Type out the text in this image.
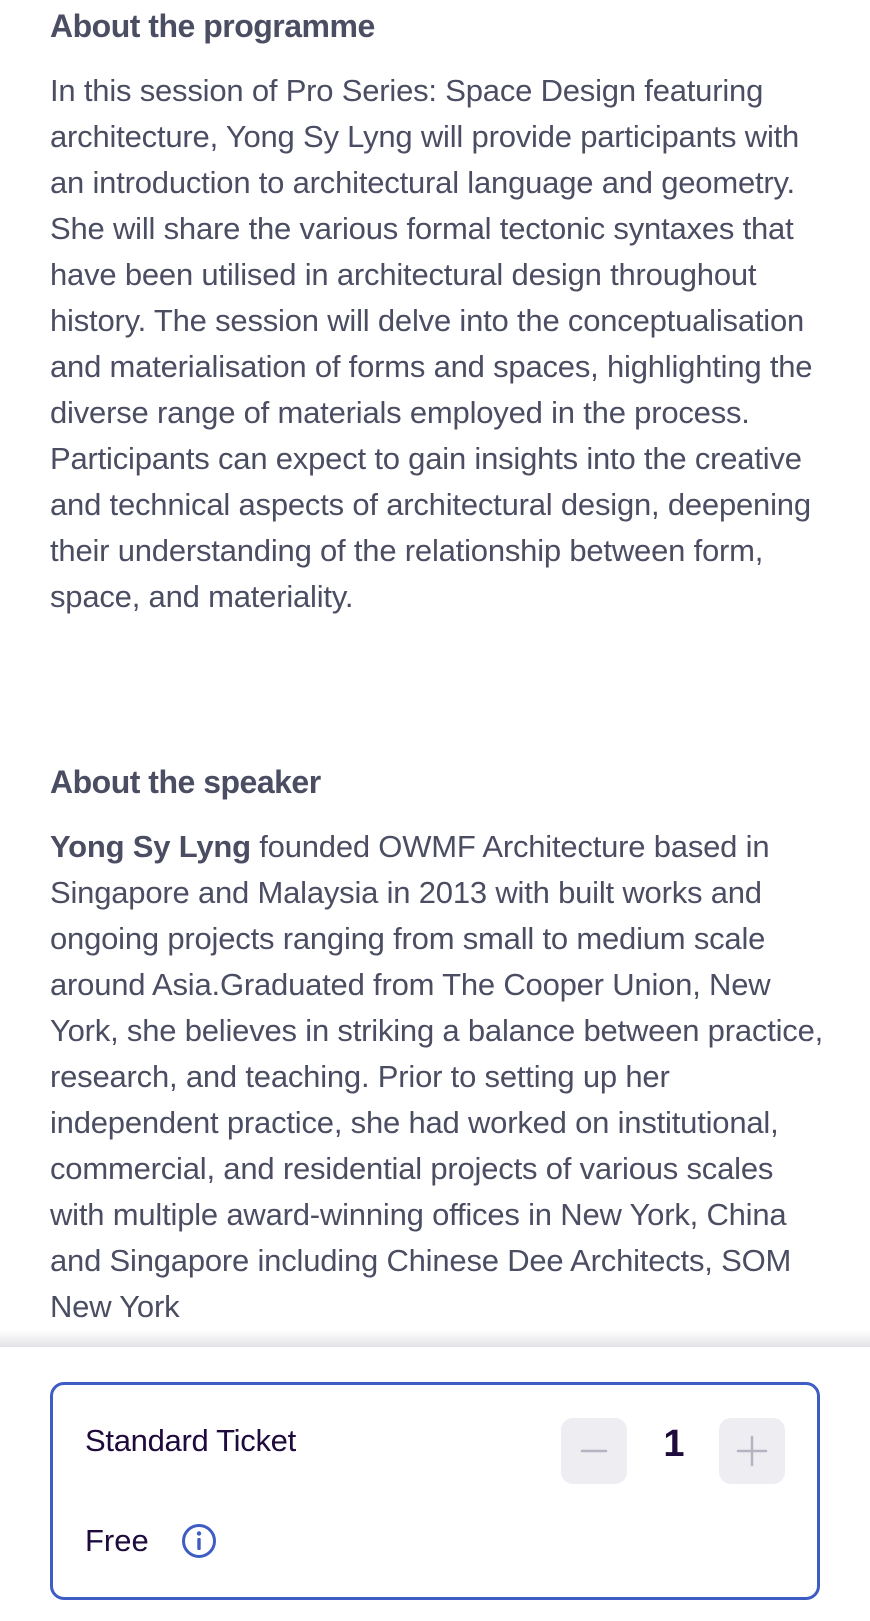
About the programme

In this session of Pro Series: Space Design featuring architecture, Yong Sy Lyng will provide participants with an introduction to architectural language and geometry. She will share the various formal tectonic syntaxes that have been utilised in architectural design throughout history. The session will delve into the conceptualisation and materialisation of forms and spaces, highlighting the diverse range of materials employed in the process. Participants can expect to gain insights into the creative and technical aspects of architectural design, deepening their understanding of the relationship between form, space, and materiality.

About the speaker

Yong Sy Lyng founded OWMF Architecture based in Singapore and Malaysia in 2013 with built works and ongoing projects ranging from small to medium scale around Asia.Graduated from The Cooper Union, New York, she believes in striking a balance between practice, research, and teaching. Prior to setting up her independent practice, she had worked on institutional, commercial, and residential projects of various scales with multiple award-winning offices in New York, China and Singapore including Chinese Dee Architects, SOM New York

Standard Ticket	1
Free
